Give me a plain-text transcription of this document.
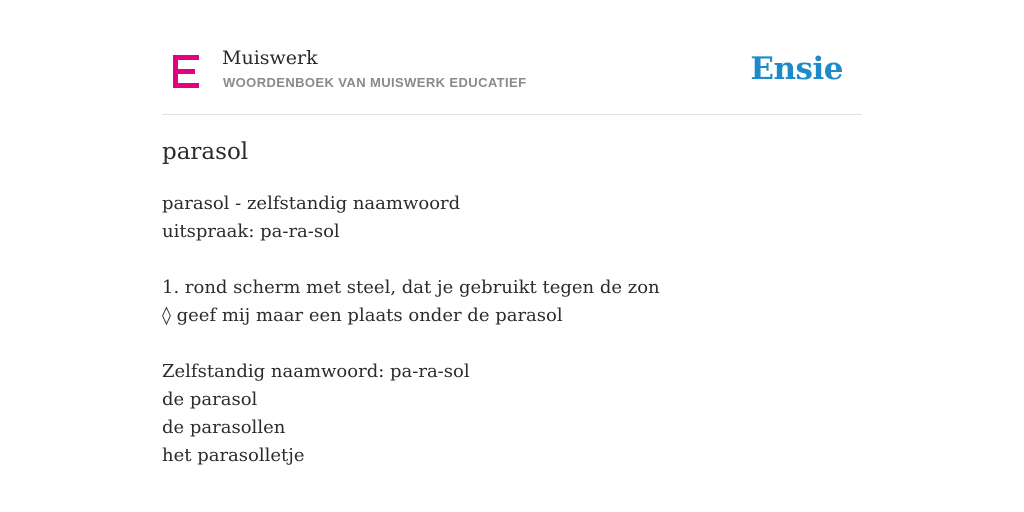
Muiswerk
WOORDENBOEK VAN MUISWERK EDUCATIEF	Ensie
parasol
parasol - zelfstandig naamwoord
uitspraak: pa-ra-sol
1. rond scherm met steel, dat je gebruikt tegen de zon
◊ geef mij maar een plaats onder de parasol
Zelfstandig naamwoord: pa-ra-sol
de parasol
de parasollen
het parasolletje
